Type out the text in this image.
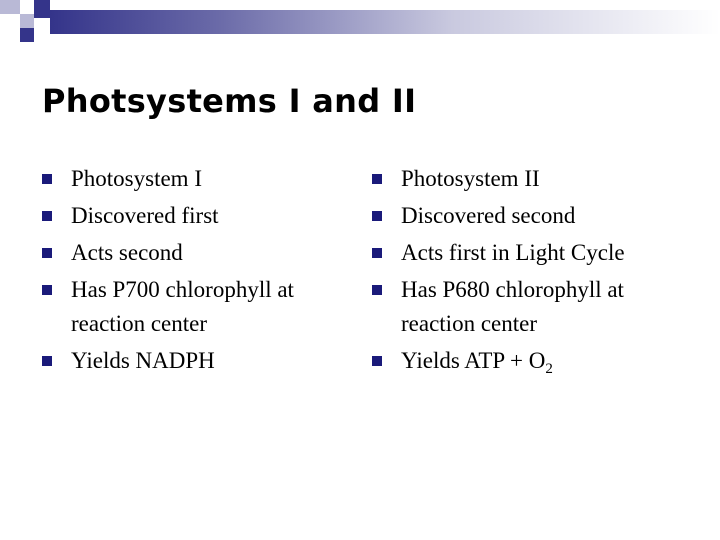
Photsystems I and II
Photosystem I
Discovered first
Acts second
Has P700 chlorophyll at reaction center
Yields NADPH
Photosystem II
Discovered second
Acts first in Light Cycle
Has P680 chlorophyll at reaction center
Yields ATP + $O_2$
